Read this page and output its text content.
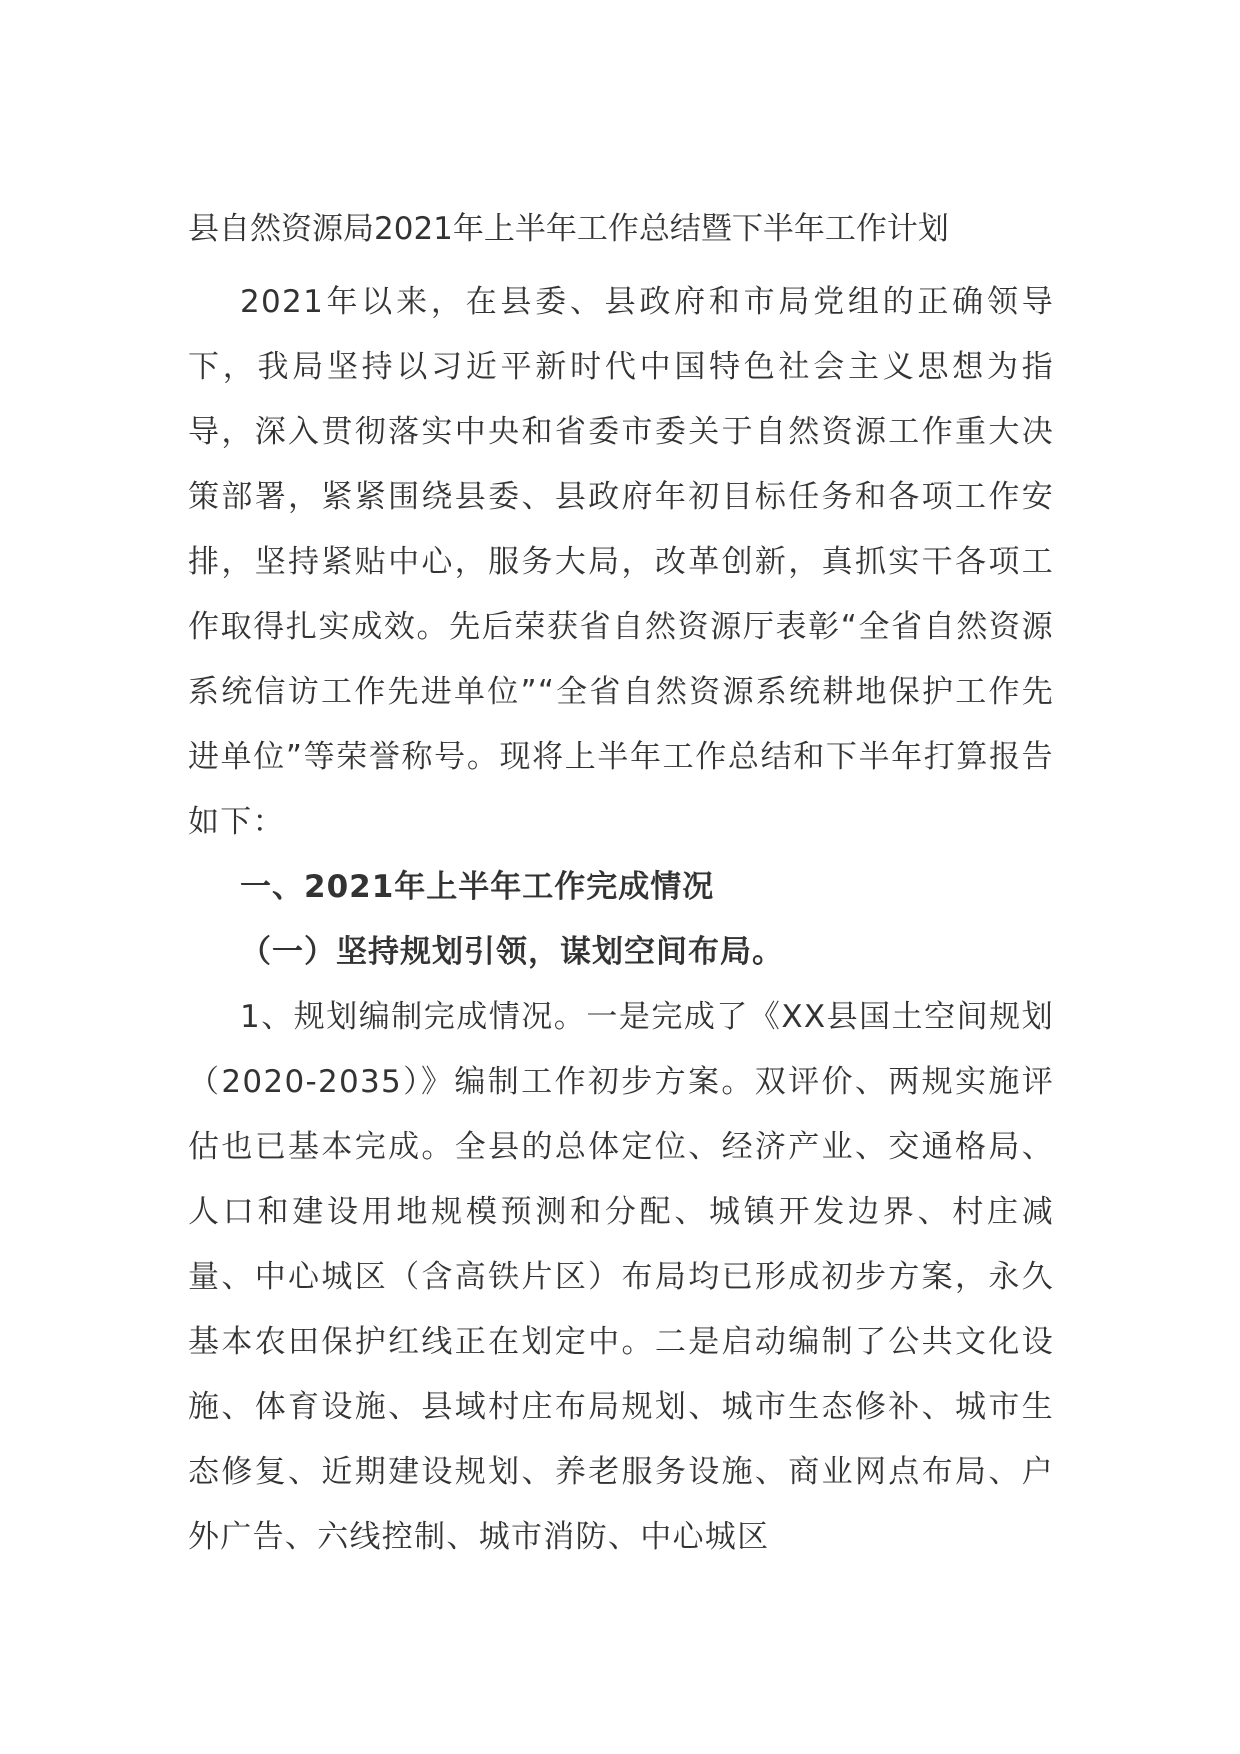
县自然资源局2021年上半年工作总结暨下半年工作计划

2021年以来，在县委、县政府和市局党组的正确领导下，我局坚持以习近平新时代中国特色社会主义思想为指导，深入贯彻落实中央和省委市委关于自然资源工作重大决策部署，紧紧围绕县委、县政府年初目标任务和各项工作安排，坚持紧贴中心，服务大局，改革创新，真抓实干各项工作取得扎实成效。先后荣获省自然资源厅表彰“全省自然资源系统信访工作先进单位”“全省自然资源系统耕地保护工作先进单位”等荣誉称号。现将上半年工作总结和下半年打算报告如下：

一、2021年上半年工作完成情况

（一）坚持规划引领，谋划空间布局。

1、规划编制完成情况。一是完成了《XX县国土空间规划（2020-2035）》编制工作初步方案。双评价、两规实施评估也已基本完成。全县的总体定位、经济产业、交通格局、人口和建设用地规模预测和分配、城镇开发边界、村庄减量、中心城区（含高铁片区）布局均已形成初步方案，永久基本农田保护红线正在划定中。二是启动编制了公共文化设施、体育设施、县域村庄布局规划、城市生态修补、城市生态修复、近期建设规划、养老服务设施、商业网点布局、户外广告、六线控制、城市消防、中心城区
